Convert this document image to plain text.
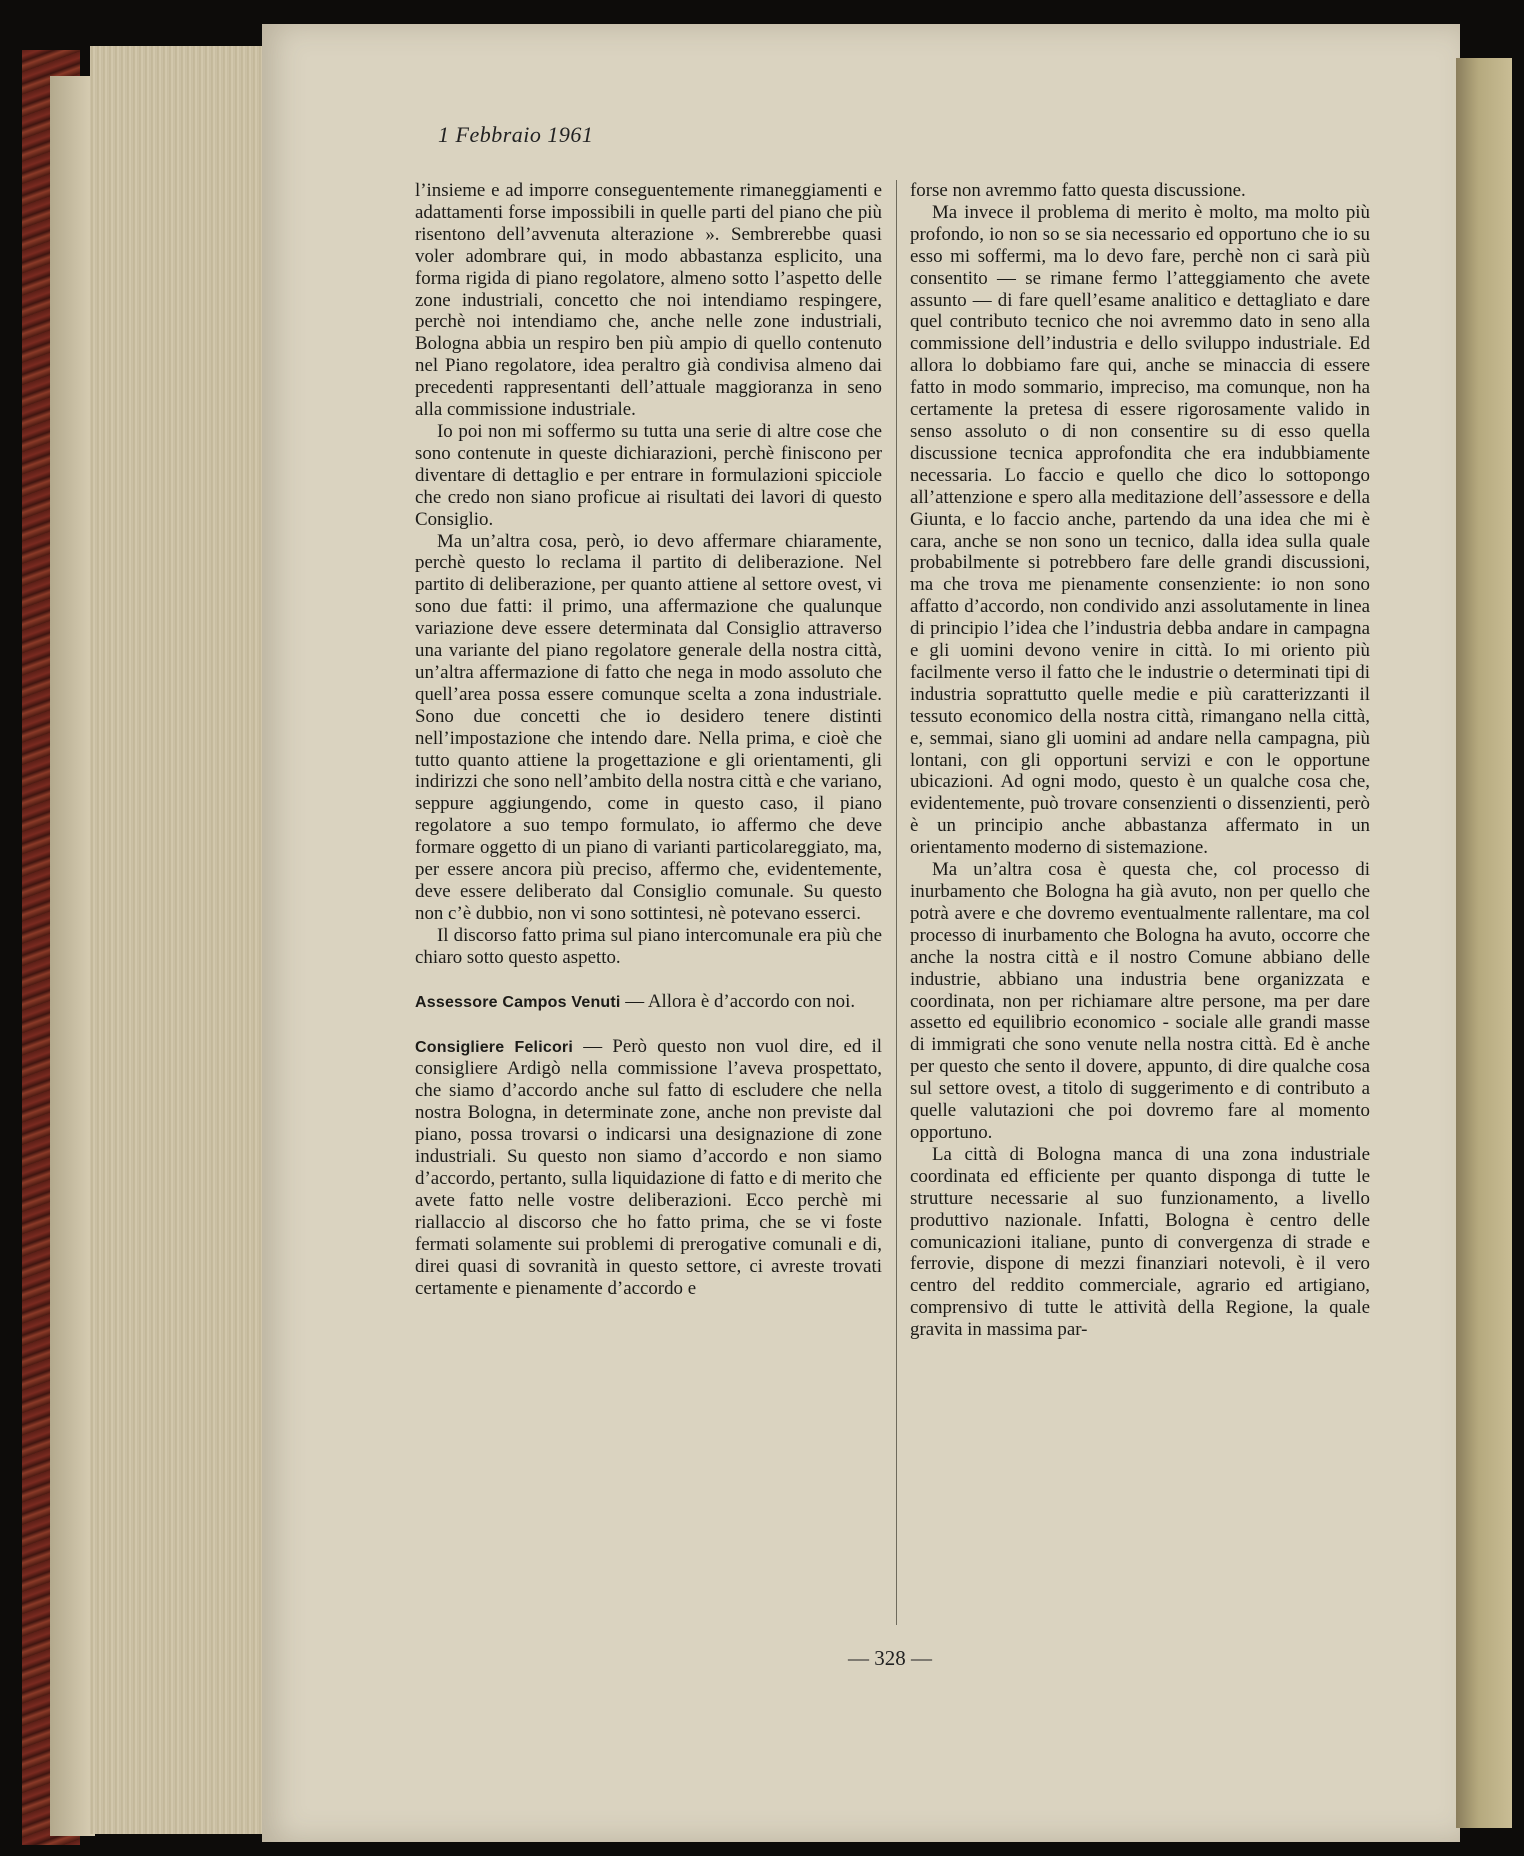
1 Febbraio 1961

l’insieme e ad imporre conseguentemente rimaneggiamenti e adattamenti forse impossibili in quelle parti del piano che più risentono dell’avvenuta alterazione ». Sembrerebbe quasi voler adombrare qui, in modo abbastanza esplicito, una forma rigida di piano regolatore, almeno sotto l’aspetto delle zone industriali, concetto che noi intendiamo respingere, perchè noi intendiamo che, anche nelle zone industriali, Bologna abbia un respiro ben più ampio di quello contenuto nel Piano regolatore, idea peraltro già condivisa almeno dai precedenti rappresentanti dell’attuale maggioranza in seno alla commissione industriale.

Io poi non mi soffermo su tutta una serie di altre cose che sono contenute in queste dichiarazioni, perchè finiscono per diventare di dettaglio e per entrare in formulazioni spicciole che credo non siano proficue ai risultati dei lavori di questo Consiglio.

Ma un’altra cosa, però, io devo affermare chiaramente, perchè questo lo reclama il partito di deliberazione. Nel partito di deliberazione, per quanto attiene al settore ovest, vi sono due fatti: il primo, una affermazione che qualunque variazione deve essere determinata dal Consiglio attraverso una variante del piano regolatore generale della nostra città, un’altra affermazione di fatto che nega in modo assoluto che quell’area possa essere comunque scelta a zona industriale. Sono due concetti che io desidero tenere distinti nell’impostazione che intendo dare. Nella prima, e cioè che tutto quanto attiene la progettazione e gli orientamenti, gli indirizzi che sono nell’ambito della nostra città e che variano, seppure aggiungendo, come in questo caso, il piano regolatore a suo tempo formulato, io affermo che deve formare oggetto di un piano di varianti particolareggiato, ma, per essere ancora più preciso, affermo che, evidentemente, deve essere deliberato dal Consiglio comunale. Su questo non c’è dubbio, non vi sono sottintesi, nè potevano esserci.

Il discorso fatto prima sul piano intercomunale era più che chiaro sotto questo aspetto.

Assessore Campos Venuti — Allora è d’accordo con noi.

Consigliere Felicori — Però questo non vuol dire, ed il consigliere Ardigò nella commissione l’aveva prospettato, che siamo d’accordo anche sul fatto di escludere che nella nostra Bologna, in determinate zone, anche non previste dal piano, possa trovarsi o indicarsi una designazione di zone industriali. Su questo non siamo d’accordo e non siamo d’accordo, pertanto, sulla liquidazione di fatto e di merito che avete fatto nelle vostre deliberazioni. Ecco perchè mi riallaccio al discorso che ho fatto prima, che se vi foste fermati solamente sui problemi di prerogative comunali e di, direi quasi di sovranità in questo settore, ci avreste trovati certamente e pienamente d’accordo e

forse non avremmo fatto questa discussione.

Ma invece il problema di merito è molto, ma molto più profondo, io non so se sia necessario ed opportuno che io su esso mi soffermi, ma lo devo fare, perchè non ci sarà più consentito — se rimane fermo l’atteggiamento che avete assunto — di fare quell’esame analitico e dettagliato e dare quel contributo tecnico che noi avremmo dato in seno alla commissione dell’industria e dello sviluppo industriale. Ed allora lo dobbiamo fare qui, anche se minaccia di essere fatto in modo sommario, impreciso, ma comunque, non ha certamente la pretesa di essere rigorosamente valido in senso assoluto o di non consentire su di esso quella discussione tecnica approfondita che era indubbiamente necessaria. Lo faccio e quello che dico lo sottopongo all’attenzione e spero alla meditazione dell’assessore e della Giunta, e lo faccio anche, partendo da una idea che mi è cara, anche se non sono un tecnico, dalla idea sulla quale probabilmente si potrebbero fare delle grandi discussioni, ma che trova me pienamente consenziente: io non sono affatto d’accordo, non condivido anzi assolutamente in linea di principio l’idea che l’industria debba andare in campagna e gli uomini devono venire in città. Io mi oriento più facilmente verso il fatto che le industrie o determinati tipi di industria soprattutto quelle medie e più caratterizzanti il tessuto economico della nostra città, rimangano nella città, e, semmai, siano gli uomini ad andare nella campagna, più lontani, con gli opportuni servizi e con le opportune ubicazioni. Ad ogni modo, questo è un qualche cosa che, evidentemente, può trovare consenzienti o dissenzienti, però è un principio anche abbastanza affermato in un orientamento moderno di sistemazione.

Ma un’altra cosa è questa che, col processo di inurbamento che Bologna ha già avuto, non per quello che potrà avere e che dovremo eventualmente rallentare, ma col processo di inurbamento che Bologna ha avuto, occorre che anche la nostra città e il nostro Comune abbiano delle industrie, abbiano una industria bene organizzata e coordinata, non per richiamare altre persone, ma per dare assetto ed equilibrio economico - sociale alle grandi masse di immigrati che sono venute nella nostra città. Ed è anche per questo che sento il dovere, appunto, di dire qualche cosa sul settore ovest, a titolo di suggerimento e di contributo a quelle valutazioni che poi dovremo fare al momento opportuno.

La città di Bologna manca di una zona industriale coordinata ed efficiente per quanto disponga di tutte le strutture necessarie al suo funzionamento, a livello produttivo nazionale. Infatti, Bologna è centro delle comunicazioni italiane, punto di convergenza di strade e ferrovie, dispone di mezzi finanziari notevoli, è il vero centro del reddito commerciale, agrario ed artigiano, comprensivo di tutte le attività della Regione, la quale gravita in massima par-

— 328 —
